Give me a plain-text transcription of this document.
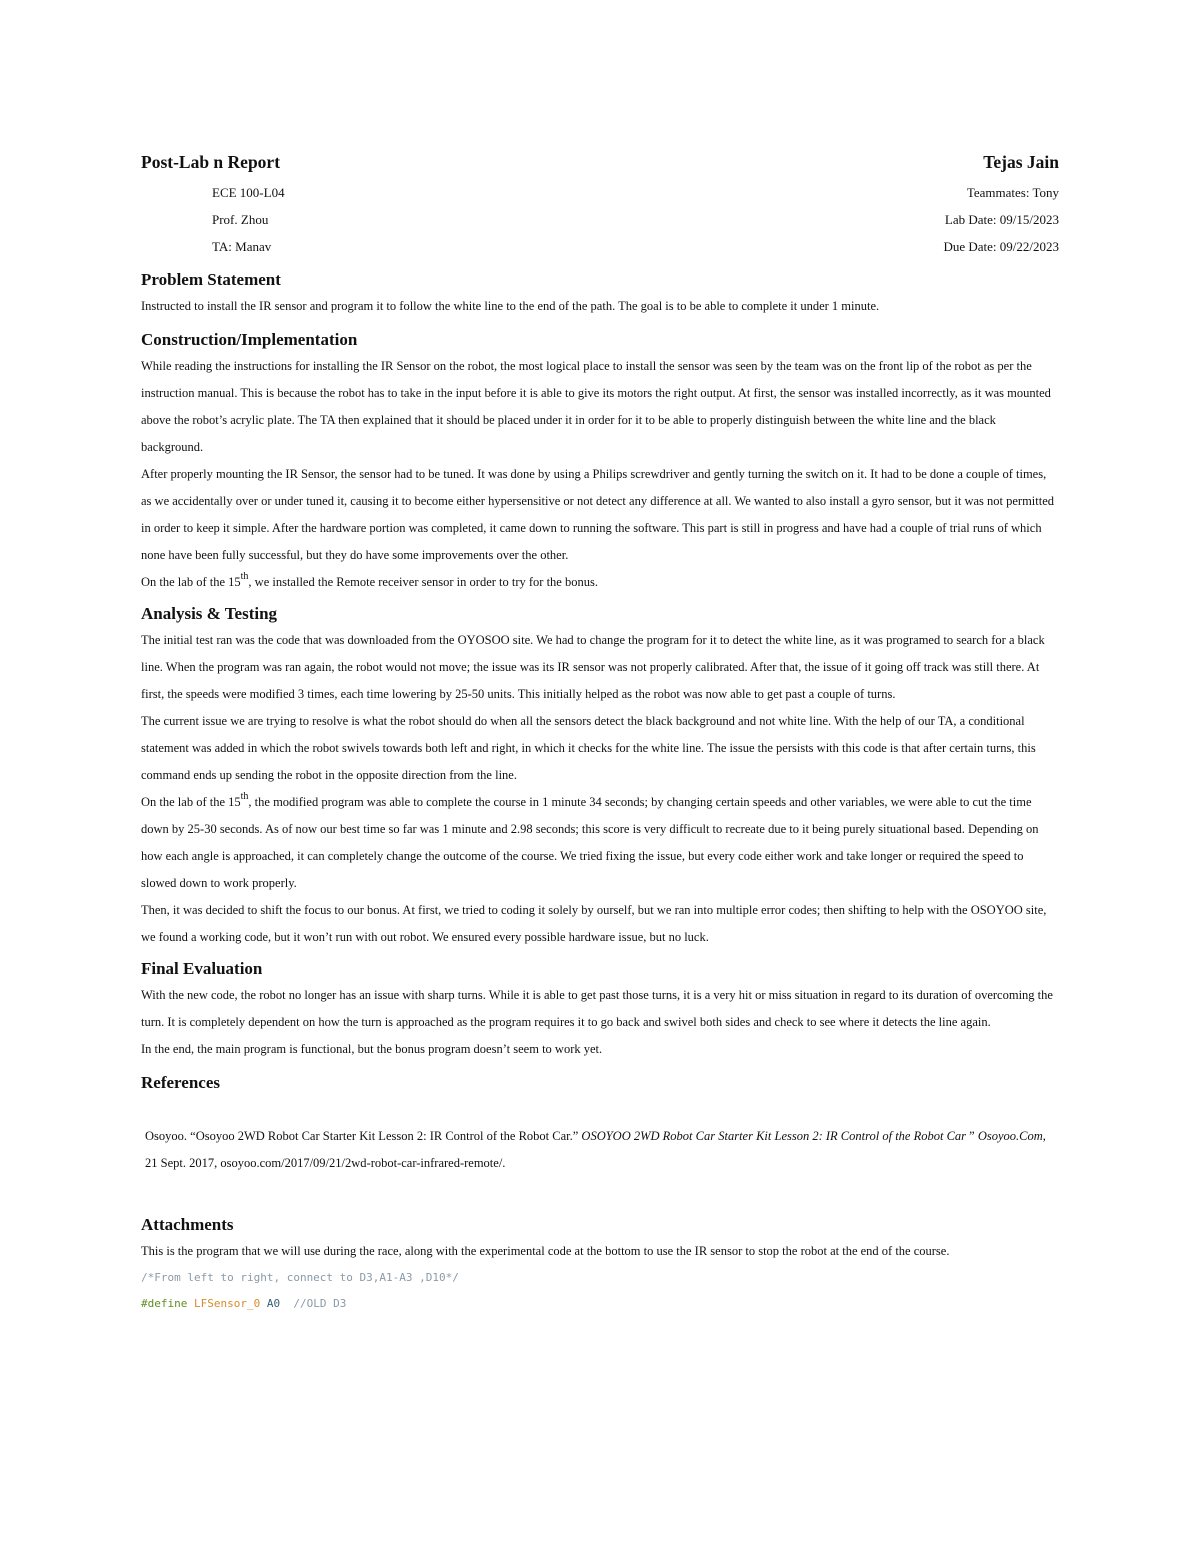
Post-Lab n Report	Tejas Jain
ECE 100-L04	Teammates: Tony
Prof. Zhou	Lab Date: 09/15/2023
TA: Manav	Due Date: 09/22/2023
Problem Statement

Instructed to install the IR sensor and program it to follow the white line to the end of the path. The goal is to be able to complete it under 1 minute.

Construction/Implementation

While reading the instructions for installing the IR Sensor on the robot, the most logical place to install the sensor was seen by the team was on the front lip of the robot as per the instruction manual. This is because the robot has to take in the input before it is able to give its motors the right output. At first, the sensor was installed incorrectly, as it was mounted above the robot’s acrylic plate. The TA then explained that it should be placed under it in order for it to be able to properly distinguish between the white line and the black background.

After properly mounting the IR Sensor, the sensor had to be tuned. It was done by using a Philips screwdriver and gently turning the switch on it. It had to be done a couple of times, as we accidentally over or under tuned it, causing it to become either hypersensitive or not detect any difference at all. We wanted to also install a gyro sensor, but it was not permitted in order to keep it simple. After the hardware portion was completed, it came down to running the software. This part is still in progress and have had a couple of trial runs of which none have been fully successful, but they do have some improvements over the other.

On the lab of the 15th, we installed the Remote receiver sensor in order to try for the bonus.

Analysis & Testing

The initial test ran was the code that was downloaded from the OYOSOO site. We had to change the program for it to detect the white line, as it was programed to search for a black line. When the program was ran again, the robot would not move; the issue was its IR sensor was not properly calibrated. After that, the issue of it going off track was still there. At first, the speeds were modified 3 times, each time lowering by 25-50 units. This initially helped as the robot was now able to get past a couple of turns.

The current issue we are trying to resolve is what the robot should do when all the sensors detect the black background and not white line. With the help of our TA, a conditional statement was added in which the robot swivels towards both left and right, in which it checks for the white line. The issue the persists with this code is that after certain turns, this command ends up sending the robot in the opposite direction from the line.

On the lab of the 15th, the modified program was able to complete the course in 1 minute 34 seconds; by changing certain speeds and other variables, we were able to cut the time down by 25-30 seconds. As of now our best time so far was 1 minute and 2.98 seconds; this score is very difficult to recreate due to it being purely situational based. Depending on how each angle is approached, it can completely change the outcome of the course. We tried fixing the issue, but every code either work and take longer or required the speed to slowed down to work properly.

Then, it was decided to shift the focus to our bonus. At first, we tried to coding it solely by ourself, but we ran into multiple error codes; then shifting to help with the OSOYOO site, we found a working code, but it won’t run with out robot. We ensured every possible hardware issue, but no luck.

Final Evaluation

With the new code, the robot no longer has an issue with sharp turns. While it is able to get past those turns, it is a very hit or miss situation in regard to its duration of overcoming the turn. It is completely dependent on how the turn is approached as the program requires it to go back and swivel both sides and check to see where it detects the line again.

In the end, the main program is functional, but the bonus program doesn’t seem to work yet.

References

Osoyoo. “Osoyoo 2WD Robot Car Starter Kit Lesson 2: IR Control of the Robot Car.” OSOYOO 2WD Robot Car Starter Kit Lesson 2: IR Control of the Robot Car ” Osoyoo.Com, 21 Sept. 2017, osoyoo.com/2017/09/21/2wd-robot-car-infrared-remote/.

Attachments

This is the program that we will use during the race, along with the experimental code at the bottom to use the IR sensor to stop the robot at the end of the course.

/*From left to right, connect to D3,A1-A3 ,D10*/
#define LFSensor_0 A0 //OLD D3
